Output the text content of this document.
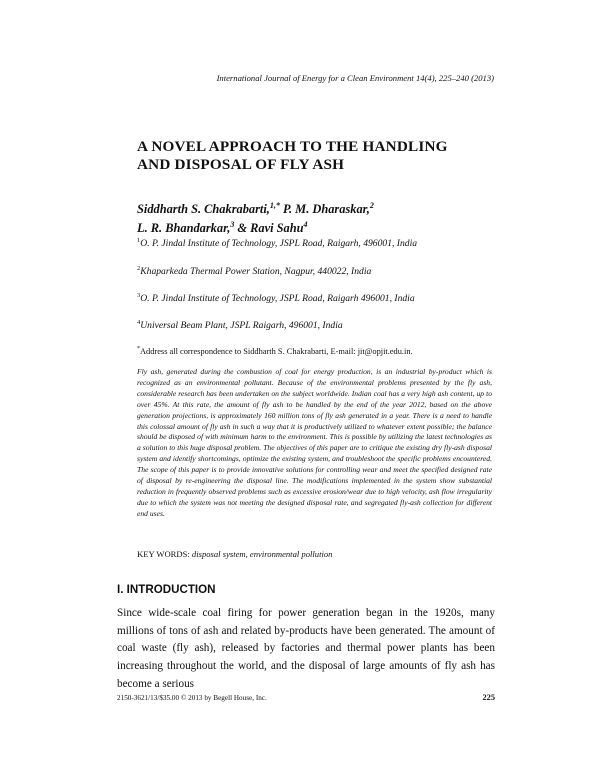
International Journal of Energy for a Clean Environment 14(4), 225–240 (2013)
A NOVEL APPROACH TO THE HANDLING
AND DISPOSAL OF FLY ASH
Siddharth S. Chakrabarti,$^{1,*}$ P. M. Dharaskar,$^2$
L. R. Bhandarkar,$^3$ & Ravi Sahu$^4$
$^1$O. P. Jindal Institute of Technology, JSPL Road, Raigarh, 496001, India
$^2$Khaparkeda Thermal Power Station, Nagpur, 440022, India
$^3$O. P. Jindal Institute of Technology, JSPL Road, Raigarh 496001, India
$^4$Universal Beam Plant, JSPL Raigarh, 496001, India
*Address all correspondence to Siddharth S. Chakrabarti, E-mail: jit@opjit.edu.in.
Fly ash, generated during the combustion of coal for energy production, is an industrial by-product which is recognized as an environmental pollutant. Because of the environmental problems presented by the fly ash, considerable research has been undertaken on the subject worldwide. Indian coal has a very high ash content, up to over 45%. At this rate, the amount of fly ash to be handled by the end of the year 2012, based on the above generation projections, is approximately 160 million tons of fly ash generated in a year. There is a need to handle this colossal amount of fly ash in such a way that it is productively utilized to whatever extent possible; the balance should be disposed of with minimum harm to the environment. This is possible by utilizing the latest technologies as a solution to this huge disposal problem. The objectives of this paper are to critique the existing dry fly-ash disposal system and identify shortcomings, optimize the existing system, and troubleshoot the specific problems encountered. The scope of this paper is to provide innovative solutions for controlling wear and meet the specified designed rate of disposal by re-engineering the disposal line. The modifications implemented in the system show substantial reduction in frequently observed problems such as excessive erosion/wear due to high velocity, ash flow irregularity due to which the system was not meeting the designed disposal rate, and segregated fly-ash collection for different end uses.
KEY WORDS: disposal system, environmental pollution
I. INTRODUCTION
Since wide-scale coal firing for power generation began in the 1920s, many millions of tons of ash and related by-products have been generated. The amount of coal waste (fly ash), released by factories and thermal power plants has been increasing throughout the world, and the disposal of large amounts of fly ash has become a serious
2150-3621/13/$35.00 © 2013 by Begell House, Inc.	225
